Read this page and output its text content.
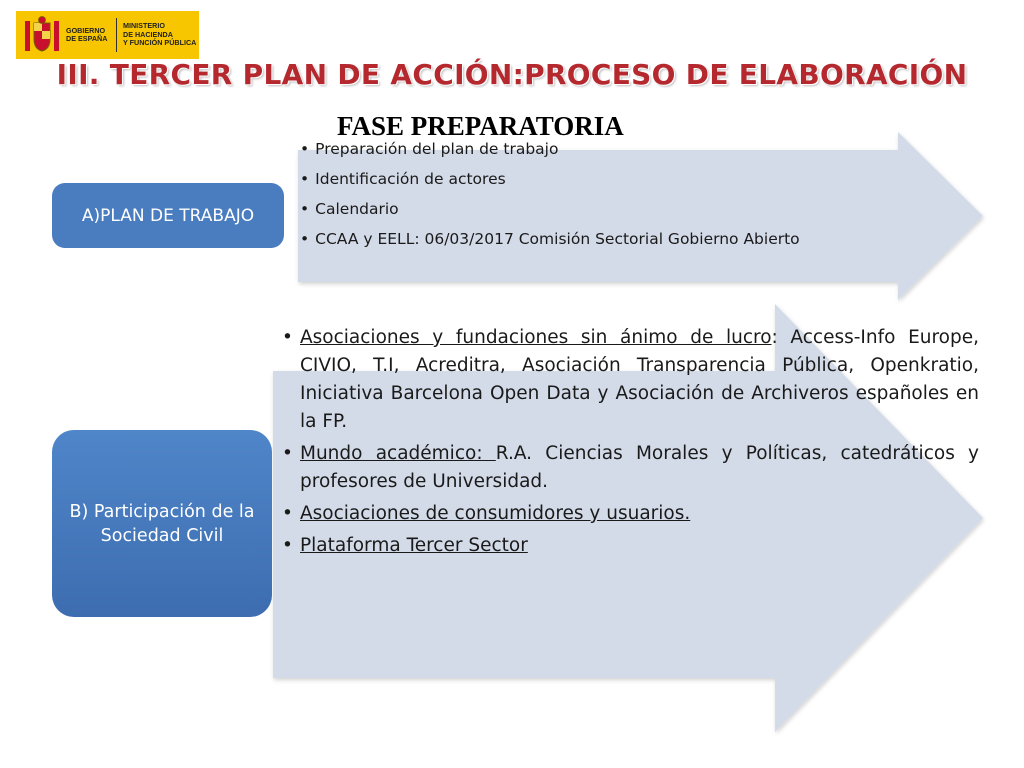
GOBIERNO
DE ESPAÑA
MINISTERIO
DE HACIENDA
Y FUNCIÓN PÚBLICA
III. TERCER PLAN DE ACCIÓN:PROCESO DE ELABORACIÓN
FASE PREPARATORIA
A)PLAN DE TRABAJO
• Preparación del plan de trabajo
• Identificación de actores
• Calendario
• CCAA y EELL: 06/03/2017 Comisión Sectorial Gobierno Abierto
B) Participación de la Sociedad Civil
• Asociaciones y fundaciones sin ánimo de lucro: Access-Info Europe, CIVIO, T.I, Acreditra, Asociación Transparencia Pública, Openkratio, Iniciativa Barcelona Open Data y Asociación de Archiveros españoles en la FP.
• Mundo académico: R.A. Ciencias Morales y Políticas, catedráticos y profesores de Universidad.
• Asociaciones de consumidores y usuarios.
• Plataforma Tercer Sector
